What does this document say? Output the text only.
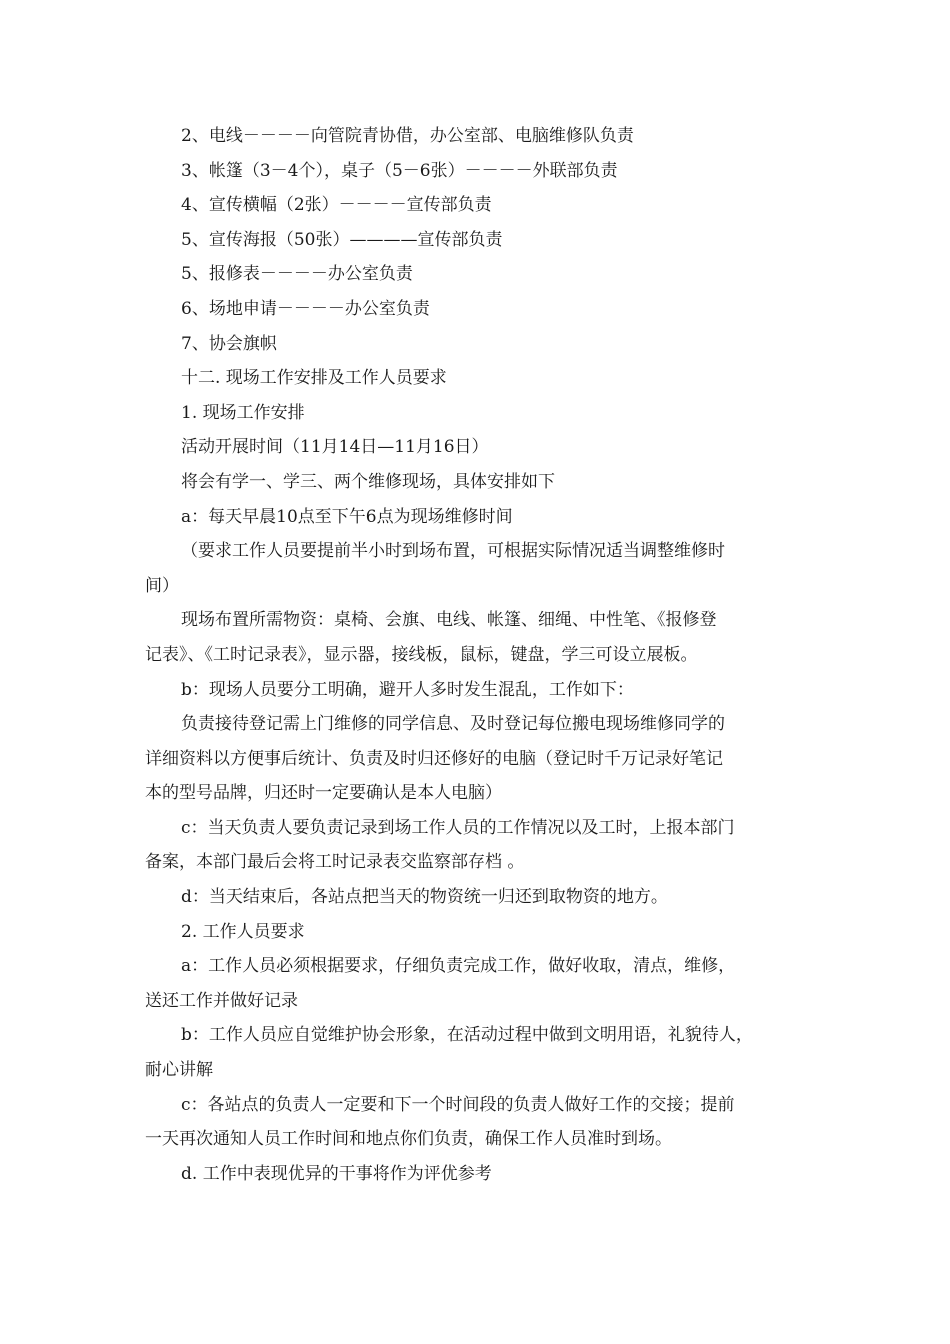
2、电线－－－－向管院青协借，办公室部、电脑维修队负责
3、帐篷（3－4个），桌子（5－6张）－－－－外联部负责
4、宣传横幅（2张）－－－－宣传部负责
5、宣传海报（50张）————宣传部负责
5、报修表－－－－办公室负责
6、场地申请－－－－办公室负责
7、协会旗帜
十二. 现场工作安排及工作人员要求
1. 现场工作安排
活动开展时间（11月14日—11月16日）
将会有学一、学三、两个维修现场，具体安排如下
a：每天早晨10点至下午6点为现场维修时间
（要求工作人员要提前半小时到场布置，可根据实际情况适当调整维修时
间）
现场布置所需物资：桌椅、会旗、电线、帐篷、细绳、中性笔、《报修登
记表》、《工时记录表》，显示器，接线板，鼠标，键盘，学三可设立展板。
b：现场人员要分工明确，避开人多时发生混乱，工作如下：
负责接待登记需上门维修的同学信息、及时登记每位搬电现场维修同学的
详细资料以方便事后统计、负责及时归还修好的电脑（登记时千万记录好笔记
本的型号品牌，归还时一定要确认是本人电脑）
c：当天负责人要负责记录到场工作人员的工作情况以及工时，上报本部门
备案，本部门最后会将工时记录表交监察部存档 。
d：当天结束后，各站点把当天的物资统一归还到取物资的地方。
2. 工作人员要求
a：工作人员必须根据要求，仔细负责完成工作，做好收取，清点，维修，
送还工作并做好记录
b：工作人员应自觉维护协会形象，在活动过程中做到文明用语，礼貌待人，
耐心讲解
c：各站点的负责人一定要和下一个时间段的负责人做好工作的交接；提前
一天再次通知人员工作时间和地点你们负责，确保工作人员准时到场。
d. 工作中表现优异的干事将作为评优参考
